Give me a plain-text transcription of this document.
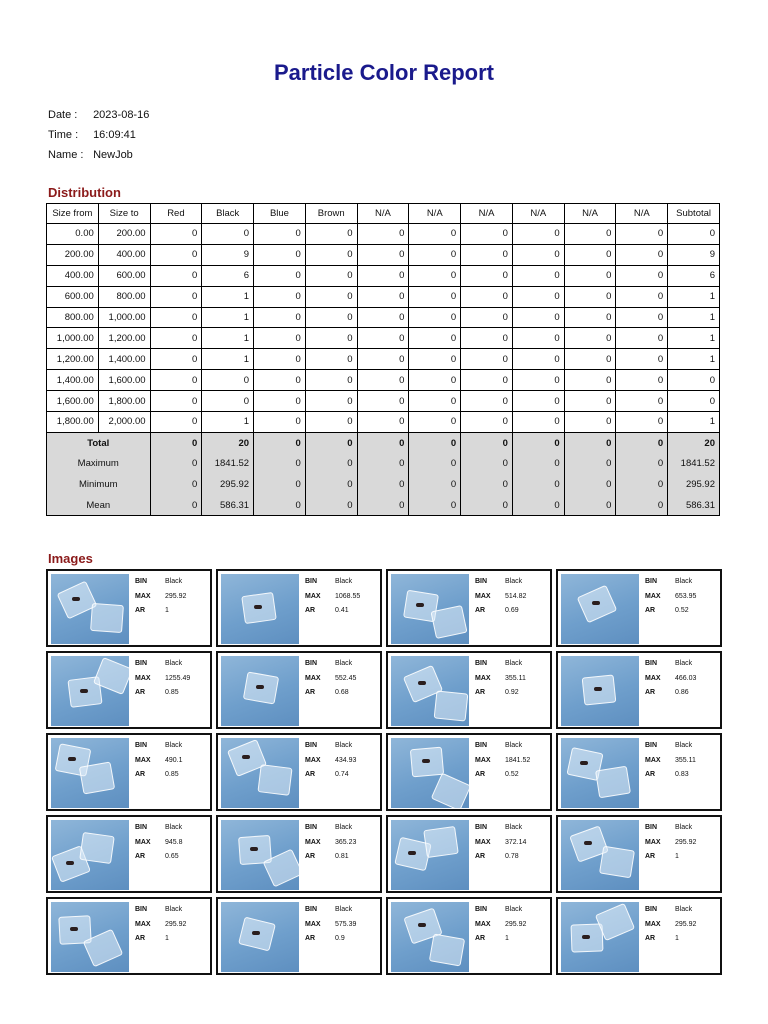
Particle Color Report
Date : 2023-08-16
Time : 16:09:41
Name : NewJob
Distribution
Size from	Size to	Red	Black	Blue	Brown	N/A	N/A	N/A	N/A	N/A	N/A	Subtotal
0.00	200.00	0	0	0	0	0	0	0	0	0	0	0
200.00	400.00	0	9	0	0	0	0	0	0	0	0	9
400.00	600.00	0	6	0	0	0	0	0	0	0	0	6
600.00	800.00	0	1	0	0	0	0	0	0	0	0	1
800.00	1,000.00	0	1	0	0	0	0	0	0	0	0	1
1,000.00	1,200.00	0	1	0	0	0	0	0	0	0	0	1
1,200.00	1,400.00	0	1	0	0	0	0	0	0	0	0	1
1,400.00	1,600.00	0	0	0	0	0	0	0	0	0	0	0
1,600.00	1,800.00	0	0	0	0	0	0	0	0	0	0	0
1,800.00	2,000.00	0	1	0	0	0	0	0	0	0	0	1
Total		0	20	0	0	0	0	0	0	0	0	20
Maximum		0	1841.52	0	0	0	0	0	0	0	0	1841.52
Minimum		0	295.92	0	0	0	0	0	0	0	0	295.92
Mean		0	586.31	0	0	0	0	0	0	0	0	586.31
Images
BIN	Black
MAX 295.92
AR	1
BIN	Black
MAX 1068.55
AR	0.41
BIN	Black
MAX 514.82
AR	0.69
BIN	Black
MAX 653.95
AR	0.52
BIN	Black
MAX 1255.49
AR	0.85
BIN	Black
MAX 552.45
AR	0.68
BIN	Black
MAX 355.11
AR	0.92
BIN	Black
MAX 466.03
AR	0.86
BIN	Black
MAX 490.1
AR	0.85
BIN	Black
MAX 434.93
AR	0.74
BIN	Black
MAX 1841.52
AR	0.52
BIN	Black
MAX 355.11
AR	0.83
BIN	Black
MAX 945.8
AR	0.65
BIN	Black
MAX 365.23
AR	0.81
BIN	Black
MAX 372.14
AR	0.78
BIN	Black
MAX 295.92
AR	1
BIN	Black
MAX 295.92
AR	1
BIN	Black
MAX 575.39
AR	0.9
BIN	Black
MAX 295.92
AR	1
BIN	Black
MAX 295.92
AR	1
